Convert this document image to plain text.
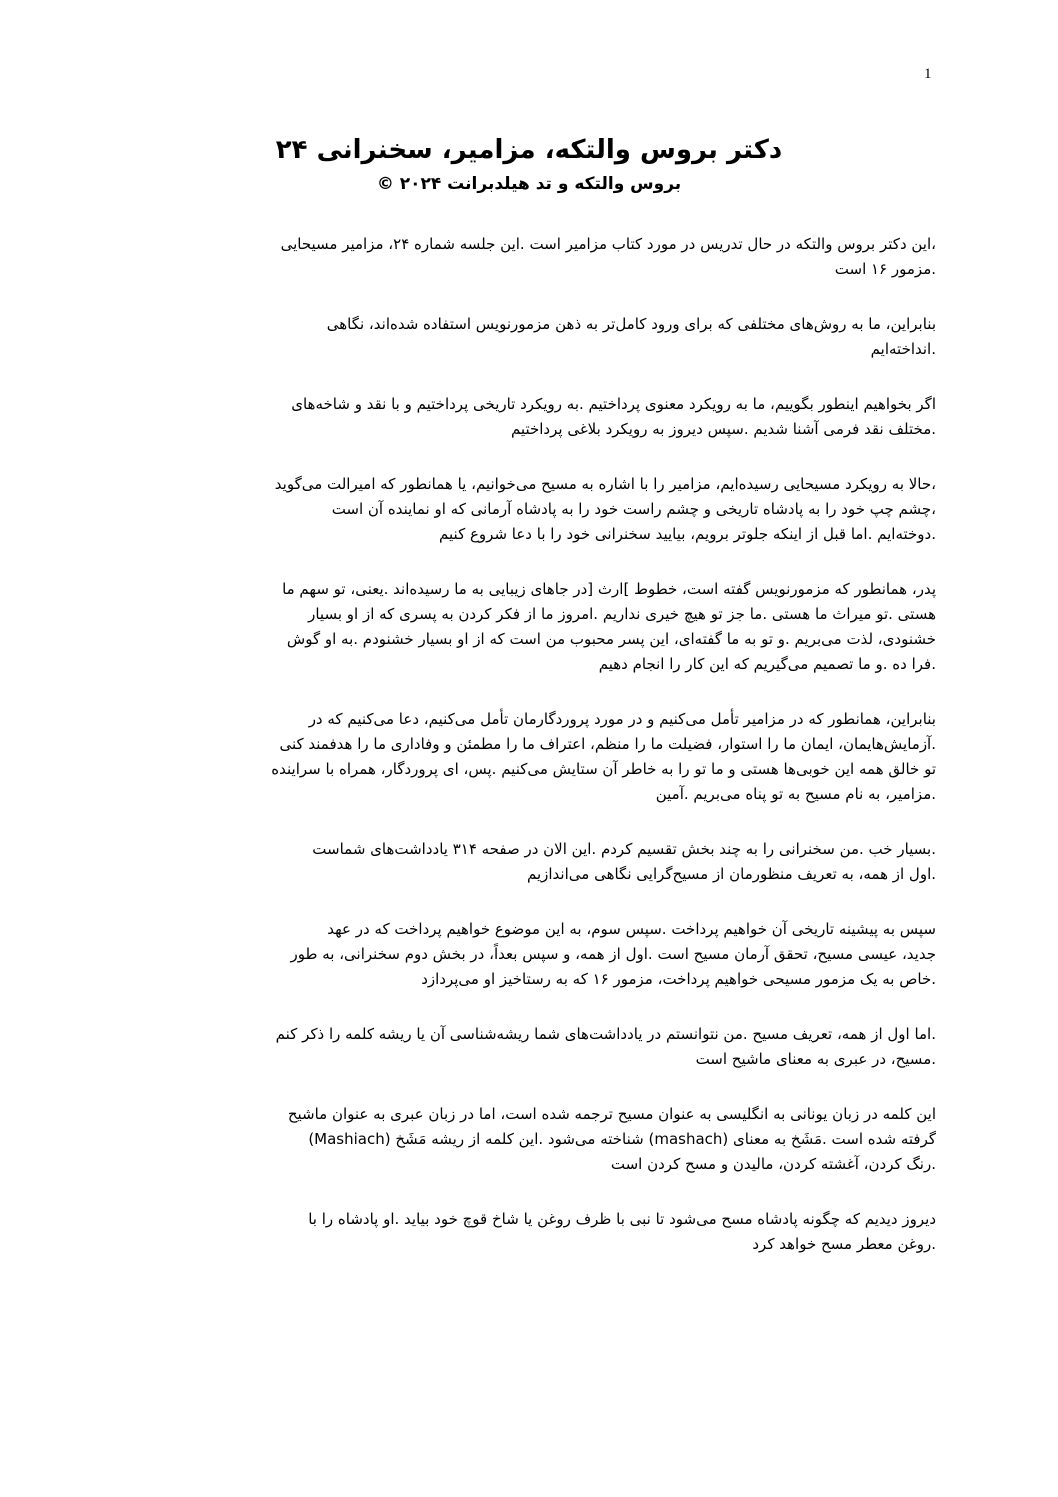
1
دکتر بروس والتکه، مزامیر، سخنرانی ۲۴

بروس والتکه و تد هیلدبرانت ۲۰۲۴ ©

،این دکتر بروس والتکه در حال تدریس در مورد کتاب مزامیر است .این جلسه شماره ۲۴، مزامیر مسیحایی
.مزمور ۱۶ است
بنابراین، ما به روش‌های مختلفی که برای ورود کامل‌تر به ذهن مزمورنویس استفاده شده‌اند، نگاهی
.انداخته‌ایم
اگر بخواهیم اینطور بگوییم، ما به رویکرد معنوی پرداختیم .به رویکرد تاریخی پرداختیم و با نقد و شاخه‌های
.مختلف نقد فرمی آشنا شدیم .سپس دیروز به رویکرد بلاغی پرداختیم
،حالا به رویکرد مسیحایی رسیده‌ایم، مزامیر را با اشاره به مسیح می‌خوانیم، یا همانطور که امیرالت می‌گوید
،چشم چپ خود را به پادشاه تاریخی و چشم راست خود را به پادشاه آرمانی که او نماینده آن است
.دوخته‌ایم .اما قبل از اینکه جلوتر برویم، بیایید سخنرانی خود را با دعا شروع کنیم
پدر، همانطور که مزمورنویس گفته است، خطوط ]ارث [در جاهای زیبایی به ما رسیده‌اند .یعنی، تو سهم ما
هستی .تو میراث ما هستی .ما جز تو هیچ خیری نداریم .امروز ما از فکر کردن به پسری که از او بسیار
خشنودی، لذت می‌بریم .و تو به ما گفته‌ای، این پسر محبوب من است که از او بسیار خشنودم .به او گوش
.فرا ده .و ما تصمیم می‌گیریم که این کار را انجام دهیم
بنابراین، همانطور که در مزامیر تأمل می‌کنیم و در مورد پروردگارمان تأمل می‌کنیم، دعا می‌کنیم که در
.آزمایش‌هایمان، ایمان ما را استوار، فضیلت ما را منظم، اعتراف ما را مطمئن و وفاداری ما را هدفمند کنی
تو خالق همه این خوبی‌ها هستی و ما تو را به خاطر آن ستایش می‌کنیم .پس، ای پروردگار، همراه با سراینده
.مزامیر، به نام مسیح به تو پناه می‌بریم .آمین
.بسیار خب .من سخنرانی را به چند بخش تقسیم کردم .این الان در صفحه ۳۱۴ یادداشت‌های شماست
.اول از همه، به تعریف منظورمان از مسیح‌گرایی نگاهی می‌اندازیم
سپس به پیشینه تاریخی آن خواهیم پرداخت .سپس سوم، به این موضوع خواهیم پرداخت که در عهد
جدید، عیسی مسیح، تحقق آرمان مسیح است .اول از همه، و سپس بعداً، در بخش دوم سخنرانی، به طور
.خاص به یک مزمور مسیحی خواهیم پرداخت، مزمور ۱۶ که به رستاخیز او می‌پردازد
.اما اول از همه، تعریف مسیح .من نتوانستم در یادداشت‌های شما ریشه‌شناسی آن یا ریشه کلمه را ذکر کنم
.مسیح، در عبری به معنای ماشیح است
این کلمه در زبان یونانی به انگلیسی به عنوان مسیح ترجمه شده است، اما در زبان عبری به عنوان ماشیح
گرفته شده است .مَشَخ به معنای (mashach) شناخته می‌شود .این کلمه از ریشه مَشَخ (Mashiach)
.رنگ کردن، آغشته کردن، مالیدن و مسح کردن است
دیروز دیدیم که چگونه پادشاه مسح می‌شود تا نبی با ظرف روغن یا شاخ قوچ خود بیاید .او پادشاه را با
.روغن معطر مسح خواهد کرد
